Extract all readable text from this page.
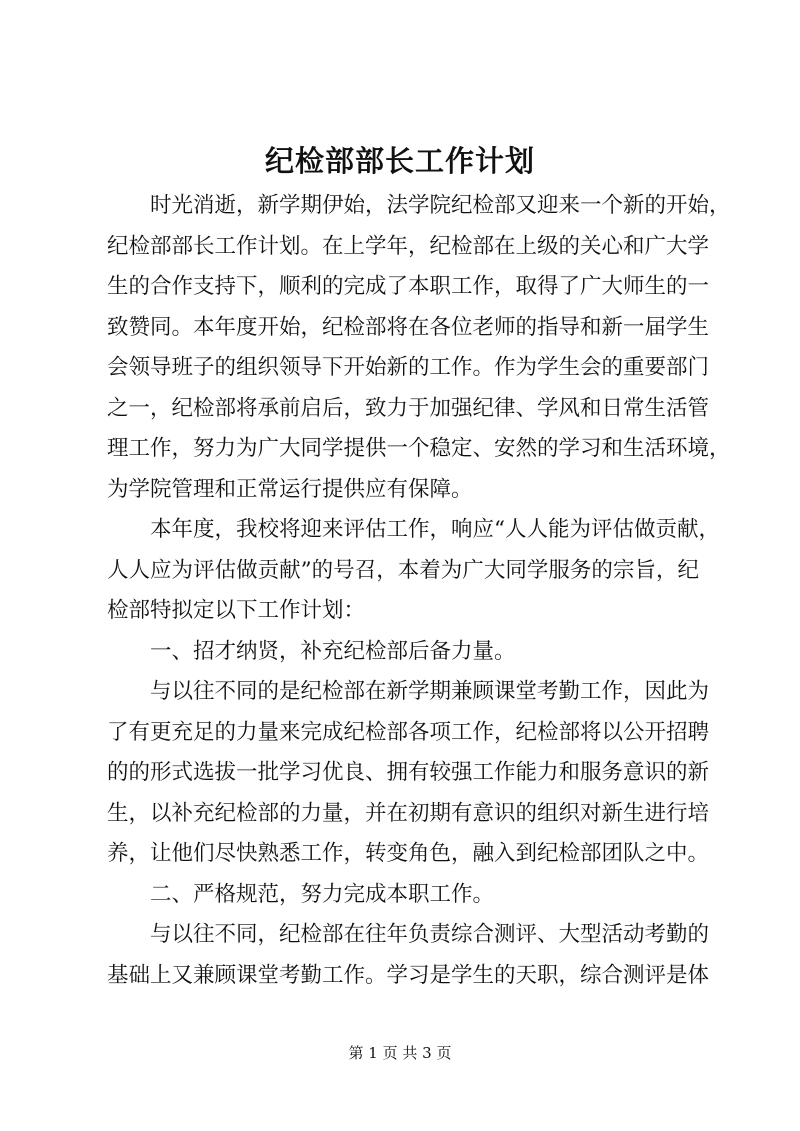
纪检部部长工作计划
时光消逝，新学期伊始，法学院纪检部又迎来一个新的开始，
纪检部部长工作计划。在上学年，纪检部在上级的关心和广大学
生的合作支持下，顺利的完成了本职工作，取得了广大师生的一
致赞同。本年度开始，纪检部将在各位老师的指导和新一届学生
会领导班子的组织领导下开始新的工作。作为学生会的重要部门
之一，纪检部将承前启后，致力于加强纪律、学风和日常生活管
理工作，努力为广大同学提供一个稳定、安然的学习和生活环境，
为学院管理和正常运行提供应有保障。
本年度，我校将迎来评估工作，响应“人人能为评估做贡献，
人人应为评估做贡献”的号召，本着为广大同学服务的宗旨，纪
检部特拟定以下工作计划：
一、招才纳贤，补充纪检部后备力量。
与以往不同的是纪检部在新学期兼顾课堂考勤工作，因此为
了有更充足的力量来完成纪检部各项工作，纪检部将以公开招聘
的的形式选拔一批学习优良、拥有较强工作能力和服务意识的新
生，以补充纪检部的力量，并在初期有意识的组织对新生进行培
养，让他们尽快熟悉工作，转变角色，融入到纪检部团队之中。
二、严格规范，努力完成本职工作。
与以往不同，纪检部在往年负责综合测评、大型活动考勤的
基础上又兼顾课堂考勤工作。学习是学生的天职，综合测评是体
第 1 页 共 3 页
